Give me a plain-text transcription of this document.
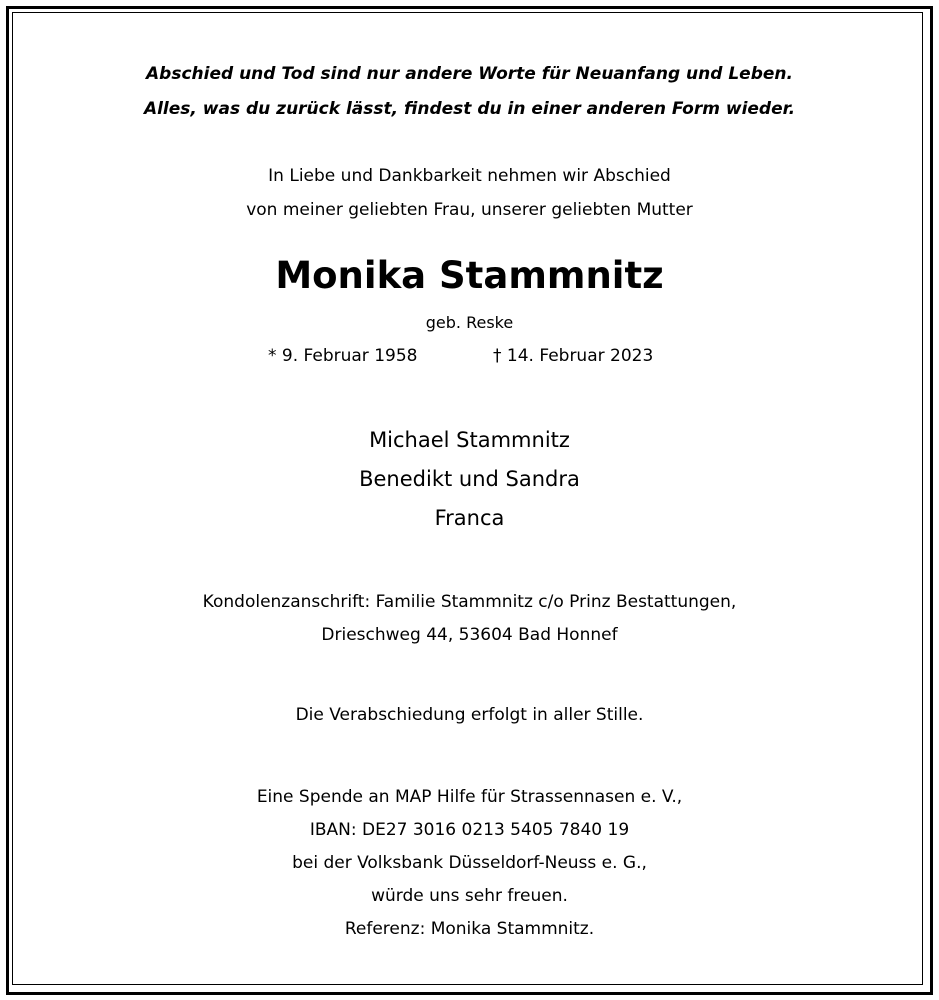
Abschied und Tod sind nur andere Worte für Neuanfang und Leben.
Alles, was du zurück lässt, findest du in einer anderen Form wieder.
In Liebe und Dankbarkeit nehmen wir Abschied
von meiner geliebten Frau, unserer geliebten Mutter
Monika Stammnitz
geb. Reske
* 9. Februar 1958	† 14. Februar 2023
Michael Stammnitz
Benedikt und Sandra
Franca
Kondolenzanschrift: Familie Stammnitz c/o Prinz Bestattungen,
Drieschweg 44, 53604 Bad Honnef
Die Verabschiedung erfolgt in aller Stille.
Eine Spende an MAP Hilfe für Strassennasen e. V.,
IBAN: DE27 3016 0213 5405 7840 19
bei der Volksbank Düsseldorf-Neuss e. G.,
würde uns sehr freuen.
Referenz: Monika Stammnitz.
